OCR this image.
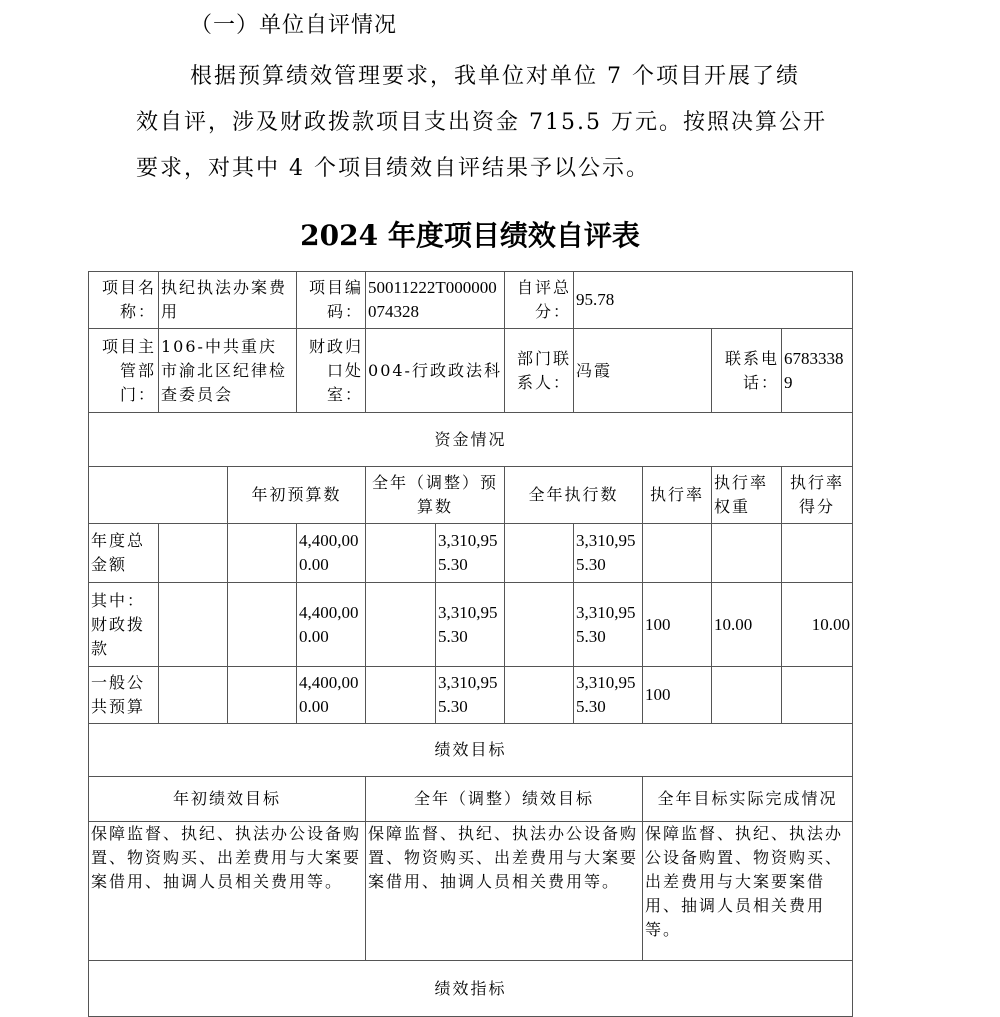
（一）单位自评情况
根据预算绩效管理要求，我单位对单位 7 个项目开展了绩
效自评，涉及财政拨款项目支出资金 715.5 万元。按照决算公开
要求，对其中 4 个项目绩效自评结果予以公示。
2024 年度项目绩效自评表
项目名称：	执纪执法办案费用		项目编码：	50011222T000000074328		自评总分：	95.78			
项目主管部门：	106-中共重庆市渝北区纪律检查委员会		财政归口处室：	004-行政政法科		部门联系人：	冯霞		联系电话：	67833389
资金情况										
		年初预算数		全年（调整）预算数		全年执行数		执行率	执行率权重	执行率得分
年度总金额			4,400,000.00		3,310,955.30		3,310,955.30			
其中：财政拨款			4,400,000.00		3,310,955.30		3,310,955.30	100	10.00	10.00
一般公共预算			4,400,000.00		3,310,955.30		3,310,955.30	100		
绩效目标										
年初绩效目标				全年（调整）绩效目标				全年目标实际完成情况		
保障监督、执纪、执法办公设备购置、物资购买、出差费用与大案要案借用、抽调人员相关费用等。				保障监督、执纪、执法办公设备购置、物资购买、出差费用与大案要案借用、抽调人员相关费用等。				保障监督、执纪、执法办公设备购置、物资购买、出差费用与大案要案借用、抽调人员相关费用等。		
绩效指标										
